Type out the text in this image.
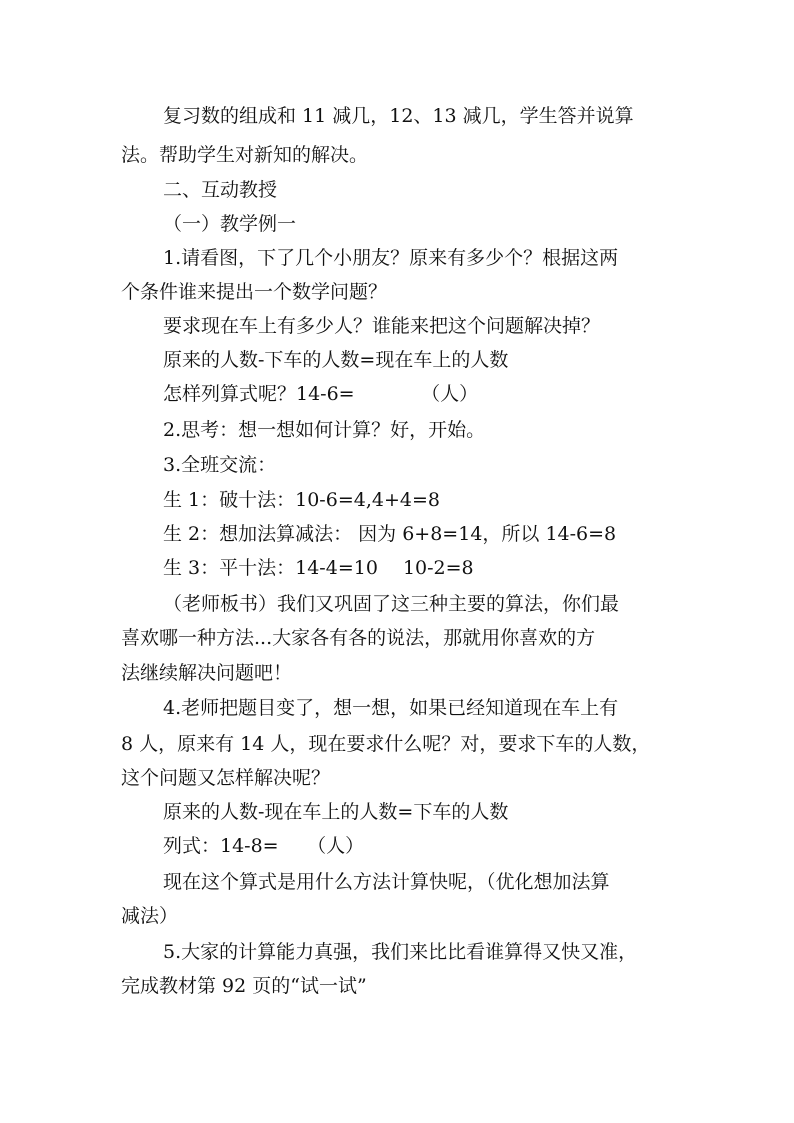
复习数的组成和 11 减几，12、13 减几，学生答并说算
法。帮助学生对新知的解决。
二、互动教授
（一）教学例一
1.请看图，下了几个小朋友？原来有多少个？根据这两
个条件谁来提出一个数学问题？
要求现在车上有多少人？谁能来把这个问题解决掉？
原来的人数-下车的人数=现在车上的人数
怎样列算式呢？14-6=　　　　（人）
2.思考：想一想如何计算？好，开始。
3.全班交流：
生 1：破十法：10-6=4,4+4=8
生 2：想加法算减法： 因为 6+8=14，所以 14-6=8
生 3：平十法：14-4=10　 10-2=8
（老师板书）我们又巩固了这三种主要的算法，你们最
喜欢哪一种方法...大家各有各的说法，那就用你喜欢的方
法继续解决问题吧！
4.老师把题目变了，想一想，如果已经知道现在车上有
8 人，原来有 14 人，现在要求什么呢？对，要求下车的人数，
这个问题又怎样解决呢？
原来的人数-现在车上的人数=下车的人数
列式：14-8=　　（人）
现在这个算式是用什么方法计算快呢，（优化想加法算
减法）
5.大家的计算能力真强，我们来比比看谁算得又快又准，
完成教材第 92 页的“试一试”
